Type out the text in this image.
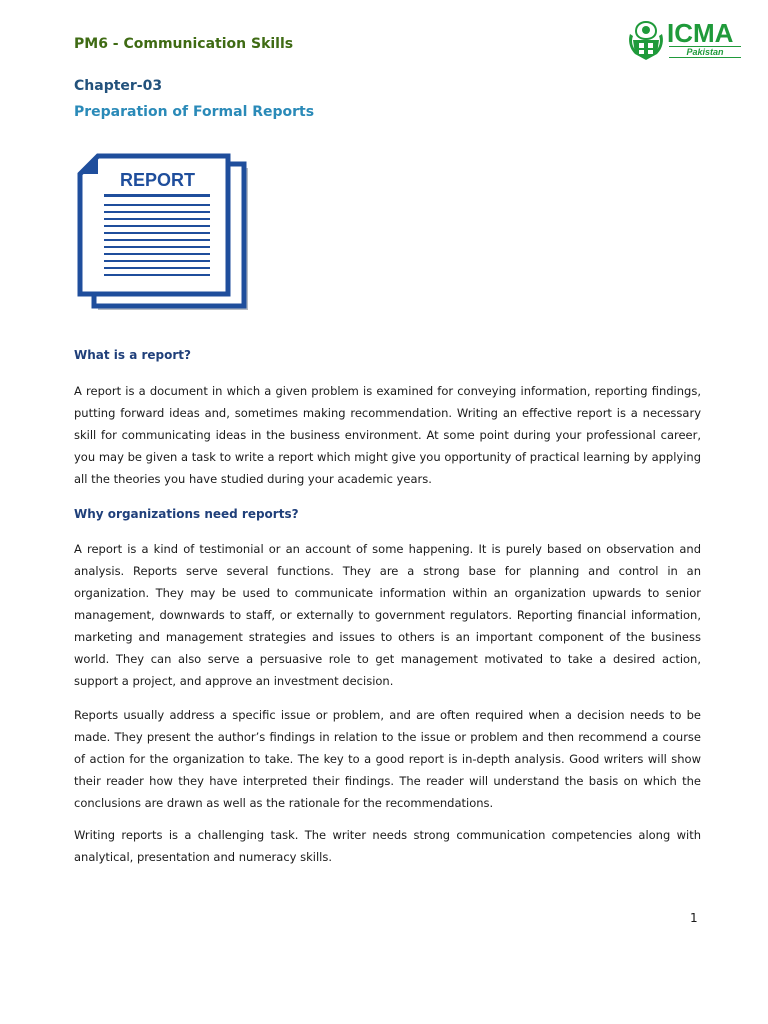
PM6 - Communication Skills	ICMA
Pakistan
Chapter-03
Preparation of Formal Reports
REPORT
What is a report?
A report is a document in which a given problem is examined for conveying information, reporting findings, putting forward ideas and, sometimes making recommendation. Writing an effective report is a necessary skill for communicating ideas in the business environment. At some point during your professional career, you may be given a task to write a report which might give you opportunity of practical learning by applying all the theories you have studied during your academic years.
Why organizations need reports?
A report is a kind of testimonial or an account of some happening. It is purely based on observation and analysis. Reports serve several functions. They are a strong base for planning and control in an organization. They may be used to communicate information within an organization upwards to senior management, downwards to staff, or externally to government regulators. Reporting financial information, marketing and management strategies and issues to others is an important component of the business world. They can also serve a persuasive role to get management motivated to take a desired action, support a project, and approve an investment decision.
Reports usually address a specific issue or problem, and are often required when a decision needs to be made. They present the author’s findings in relation to the issue or problem and then recommend a course of action for the organization to take. The key to a good report is in-depth analysis. Good writers will show their reader how they have interpreted their findings. The reader will understand the basis on which the conclusions are drawn as well as the rationale for the recommendations.
Writing reports is a challenging task. The writer needs strong communication competencies along with analytical, presentation and numeracy skills.
1
